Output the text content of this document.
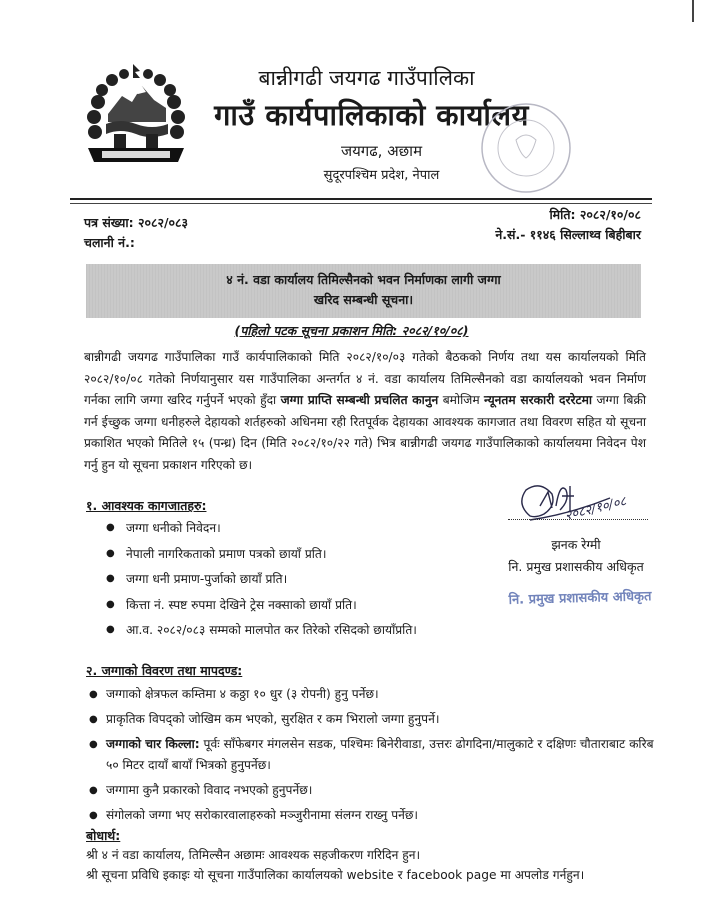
बान्नीगढी जयगढ गाउँपालिका
गाउँ कार्यपालिकाको कार्यालय
जयगढ, अछाम
सुदूरपश्चिम प्रदेश, नेपाल
पत्र संख्या: २०८२/०८३
चलानी नं.:
मिति: २०८२/१०/०८
ने.सं.- ११४६ सिल्लाथ्व बिहीबार
४ नं. वडा कार्यालय तिमिल्सैनको भवन निर्माणका लागी जग्गा
खरिद सम्बन्धी सूचना।
(पहिलो पटक सूचना प्रकाशन मिति: २०८२/१०/०८)
बान्नीगढी जयगढ गाउँपालिका गाउँ कार्यपालिकाको मिति २०८२/१०/०३ गतेको बैठकको निर्णय तथा यस कार्यालयको मिति २०८२/१०/०८ गतेको निर्णयानुसार यस गाउँपालिका अन्तर्गत ४ नं. वडा कार्यालय तिमिल्सैनको वडा कार्यालयको भवन निर्माण गर्नका लागि जग्गा खरिद गर्नुपर्ने भएको हुँदा जग्गा प्राप्ति सम्बन्धी प्रचलित कानुन बमोजिम न्यूनतम सरकारी दररेटमा जग्गा बिक्री गर्न ईच्छुक जग्गा धनीहरुले देहायको शर्तहरुको अधिनमा रही रितपूर्वक देहायका आवश्यक कागजात तथा विवरण सहित यो सूचना प्रकाशित भएको मितिले १५ (पन्ध्र) दिन (मिति २०८२/१०/२२ गते) भित्र बान्नीगढी जयगढ गाउँपालिकाको कार्यालयमा निवेदन पेश गर्नु हुन यो सूचना प्रकाशन गरिएको छ।
१. आवश्यक कागजातहरु:
● जग्गा धनीको निवेदन।
● नेपाली नागरिकताको प्रमाण पत्रको छायाँ प्रति।
● जग्गा धनी प्रमाण-पुर्जाको छायाँ प्रति।
● कित्ता नं. स्पष्ट रुपमा देखिने ट्रेस नक्साको छायाँ प्रति।
● आ.व. २०८२/०८३ सम्मको मालपोत कर तिरेको रसिदको छायाँप्रति।
२०८२/१०/०८
झनक रेग्मी
नि. प्रमुख प्रशासकीय अधिकृत
नि. प्रमुख प्रशासकीय अधिकृत
२. जग्गाको विवरण तथा मापदण्ड:
● जग्गाको क्षेत्रफल कम्तिमा ४ कठ्ठा १० धुर (३ रोपनी) हुनु पर्नेछ।
● प्राकृतिक विपद्को जोखिम कम भएको, सुरक्षित र कम भिरालो जग्गा हुनुपर्ने।
● जग्गाको चार किल्ला: पूर्वः साँफेबगर मंगलसेन सडक, पश्चिमः बिनेरीवाडा, उत्तरः ढोगदिना/मालुकाटे र दक्षिणः चौताराबाट करिब ५० मिटर दायाँ बायाँ भित्रको हुनुपर्नेछ।
● जग्गामा कुनै प्रकारको विवाद नभएको हुनुपर्नेछ।
● संगोलको जग्गा भए सरोकारवालाहरुको मञ्जुरीनामा संलग्न राख्नु पर्नेछ।
बोधार्थ:
श्री ४ नं वडा कार्यालय, तिमिल्सैन अछामः आवश्यक सहजीकरण गरिदिन हुन।
श्री सूचना प्रविधि इकाइः यो सूचना गाउँपालिका कार्यालयको website र facebook page मा अपलोड गर्नहुन।
